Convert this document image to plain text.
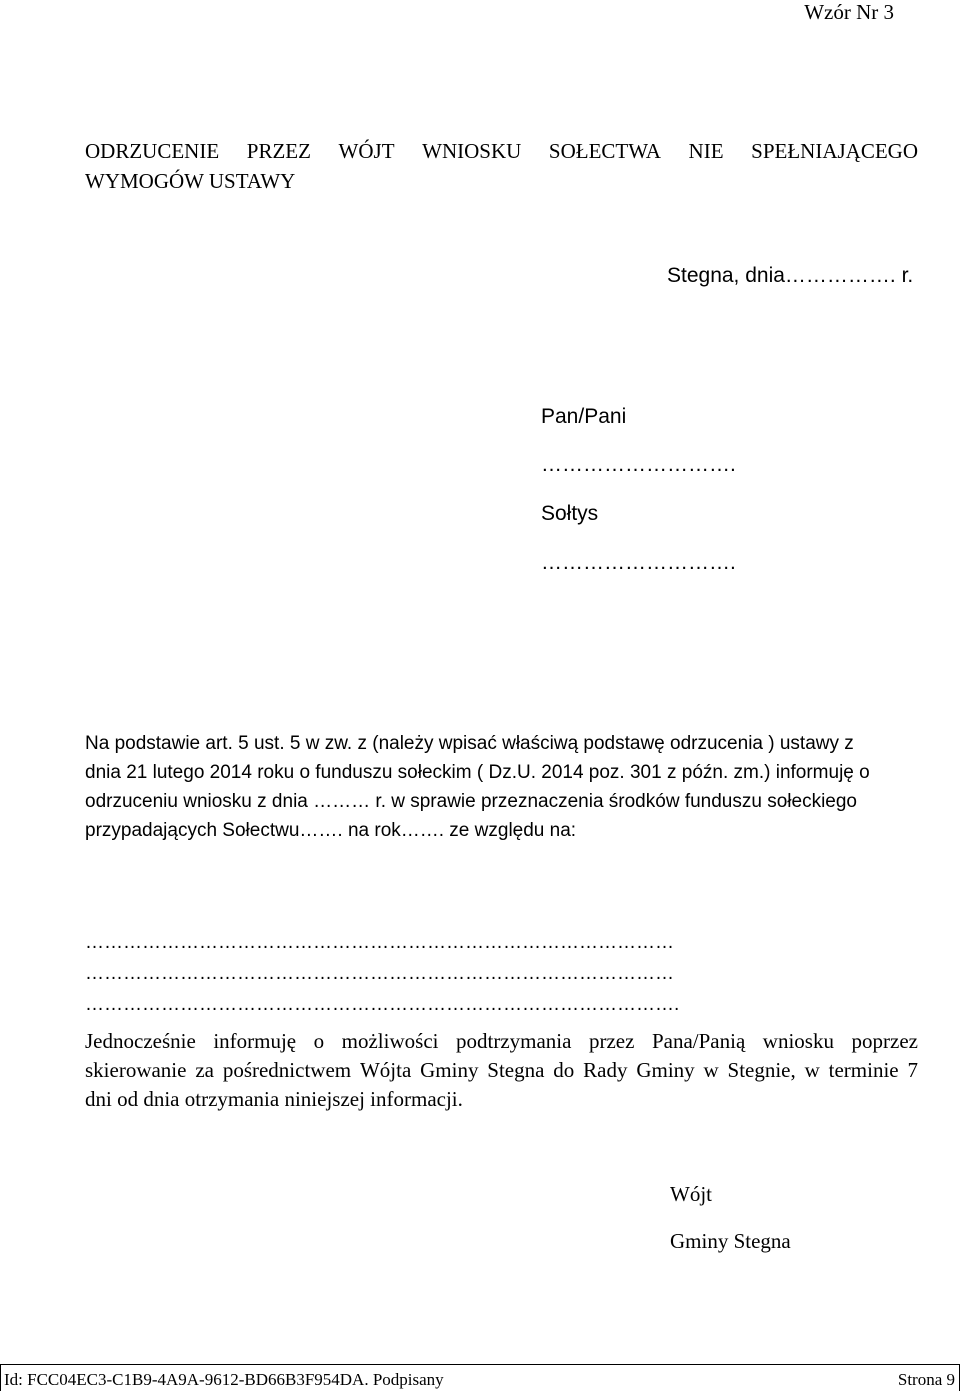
Wzór Nr 3
ODRZUCENIE PRZEZ WÓJT WNIOSKU SOŁECTWA NIE SPEŁNIAJĄCEGO
WYMOGÓW USTAWY
Stegna, dnia……………. r.
Pan/Pani
……………………….
Sołtys
……………………….
Na podstawie art. 5 ust. 5 w zw. z (należy wpisać właściwą podstawę odrzucenia ) ustawy z
dnia 21 lutego 2014 roku o funduszu sołeckim ( Dz.U. 2014 poz. 301 z późn. zm.) informuję o
odrzuceniu wniosku z dnia ……… r. w sprawie przeznaczenia środków funduszu sołeckiego
przypadających Sołectwu……. na rok……. ze względu na:
…………………………………………………………………………………
…………………………………………………………………………………
………………………………………………………………………………….
Jednocześnie informuję o możliwości podtrzymania przez Pana/Panią wniosku poprzez
skierowanie za pośrednictwem Wójta Gminy Stegna do Rady Gminy w Stegnie, w terminie 7
dni od dnia otrzymania niniejszej informacji.
Wójt
Gminy Stegna
Id: FCC04EC3-C1B9-4A9A-9612-BD66B3F954DA. Podpisany	Strona 9
